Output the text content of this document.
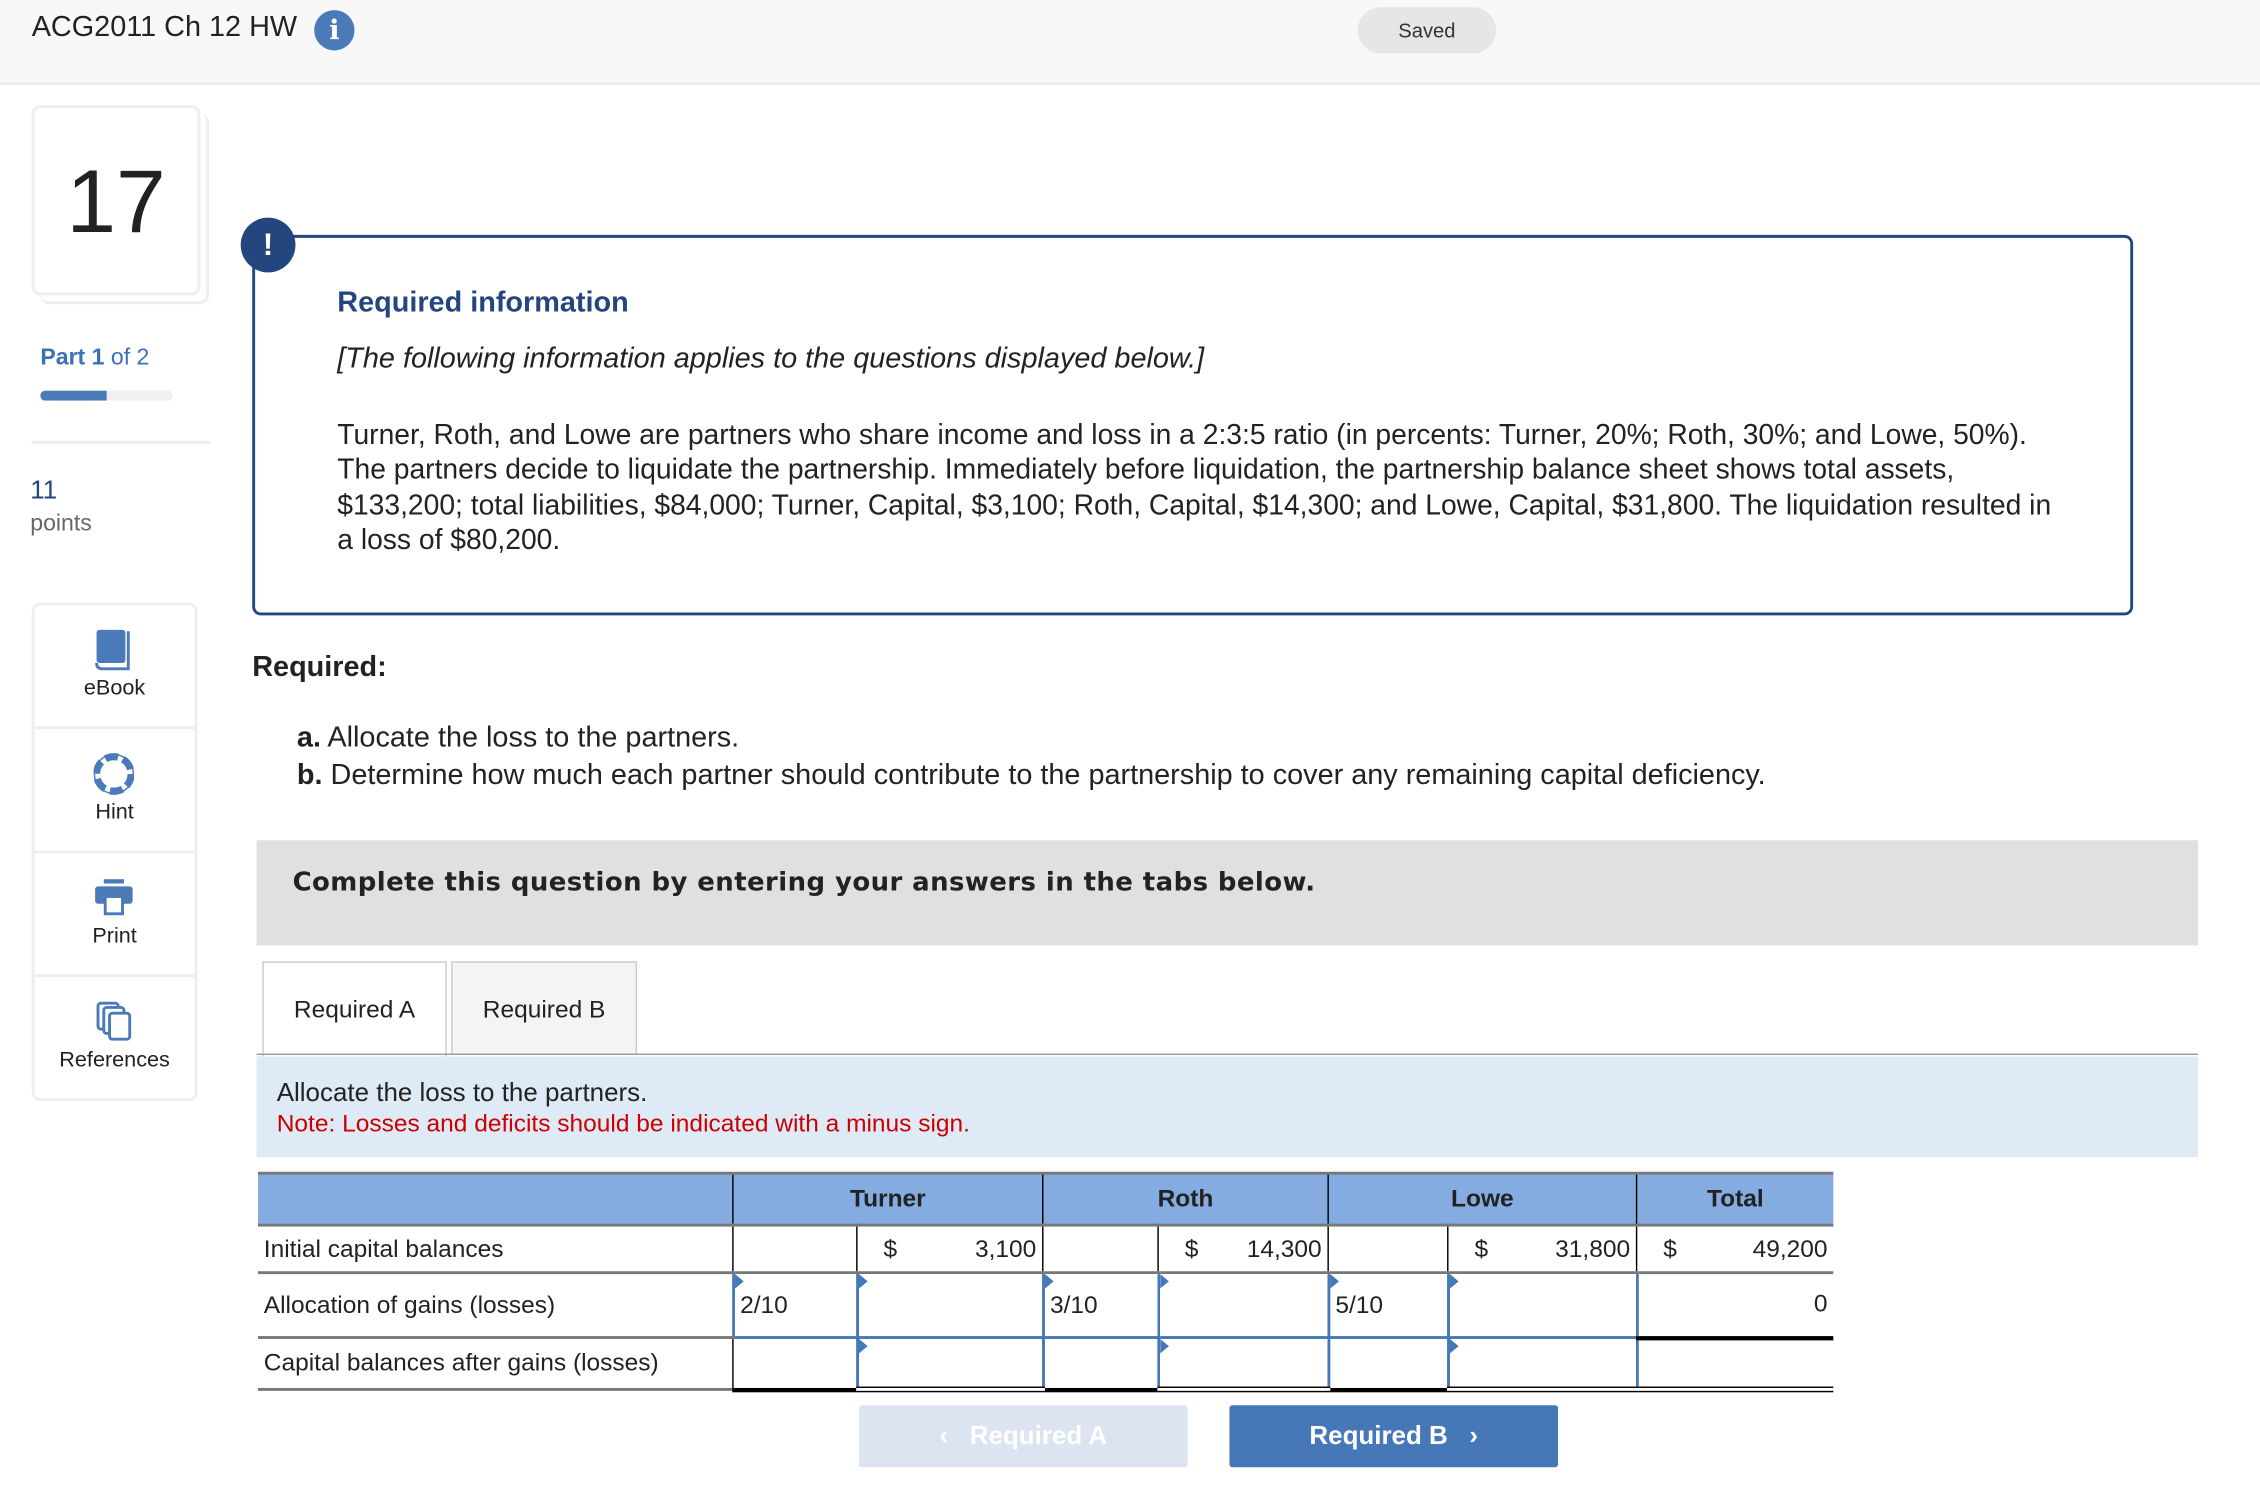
ACG2011 Ch 12 HW	i	Saved
17
Part 1 of 2
11
points
eBook
Hint
Print
References
!
Required information
[The following information applies to the questions displayed below.]
Turner, Roth, and Lowe are partners who share income and loss in a 2:3:5 ratio (in percents: Turner, 20%; Roth, 30%; and Lowe, 50%). The partners decide to liquidate the partnership. Immediately before liquidation, the partnership balance sheet shows total assets, $133,200; total liabilities, $84,000; Turner, Capital, $3,100; Roth, Capital, $14,300; and Lowe, Capital, $31,800. The liquidation resulted in a loss of $80,200.
Required:
a. Allocate the loss to the partners.
b. Determine how much each partner should contribute to the partnership to cover any remaining capital deficiency.
Complete this question by entering your answers in the tabs below.
Required A	Required B
Allocate the loss to the partners.
Note: Losses and deficits should be indicated with a minus sign.
	Turner		Roth		Lowe		Total
Initial capital balances		$ 3,100		$ 14,300		$ 31,800	$ 49,200
Allocation of gains (losses)	2/10		3/10		5/10		0
Capital balances after gains (losses)							
‹ Required A	Required B ›
